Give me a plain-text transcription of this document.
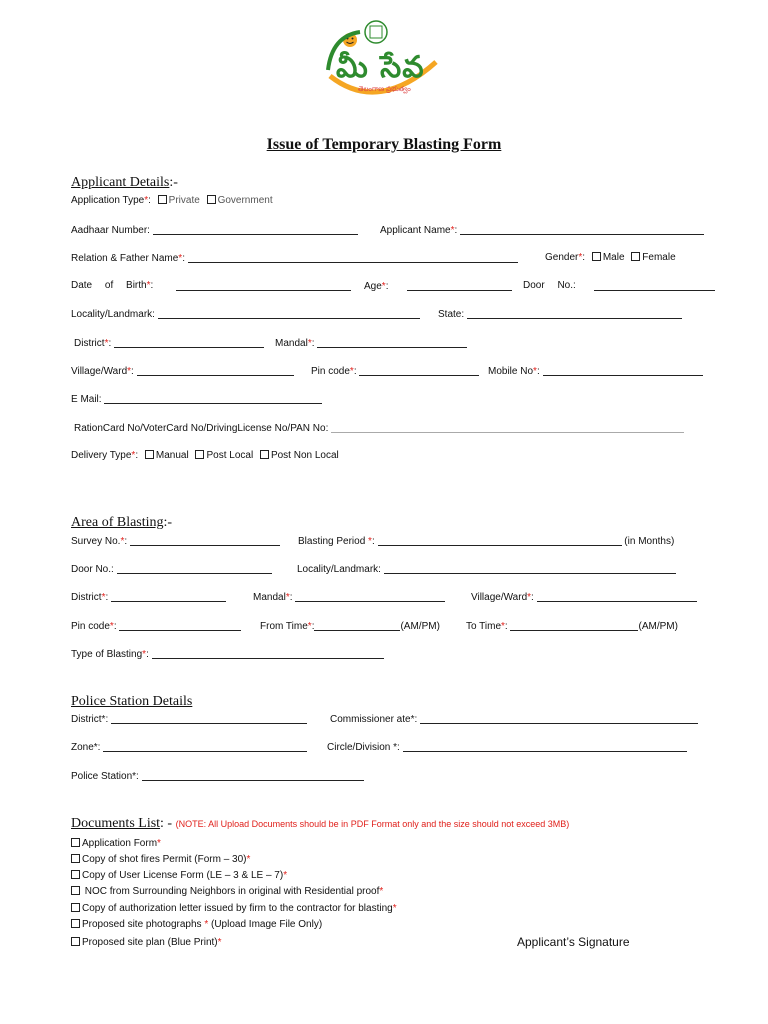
మీ సేవ
తెలంగాణ ప్రభుత్వం
Issue of Temporary Blasting Form
Applicant Details:-
Application Type*: Private Government
Aadhaar Number:	Applicant Name*:
Relation & Father Name*:	Gender*: Male Female
Date of Birth*:	Age*:	Door No.:
Locality/Landmark:	State:
District*:	Mandal*:
Village/Ward*:	Pin code*:	Mobile No*:
E Mail:
RationCard No/VoterCard No/DrivingLicense No/PAN No:
Delivery Type*: Manual Post Local Post Non Local
Area of Blasting:-
Survey No.*:	Blasting Period *:	(in Months)
Door No.:	Locality/Landmark:
District*:	Mandal*:	Village/Ward*:
Pin code*:	From Time*:	(AM/PM)	To Time*:	(AM/PM)
Type of Blasting*:
Police Station Details
District*:	Commissioner ate*:
Zone*:	Circle/Division *:
Police Station*:
Documents List: - (NOTE: All Upload Documents should be in PDF Format only and the size should not exceed 3MB)
Application Form*
Copy of shot fires Permit (Form – 30)*
Copy of User License Form (LE – 3 & LE – 7)*
NOC from Surrounding Neighbors in original with Residential proof*
Copy of authorization letter issued by firm to the contractor for blasting*
Proposed site photographs * (Upload Image File Only)
Proposed site plan (Blue Print)*	Applicant’s Signature
